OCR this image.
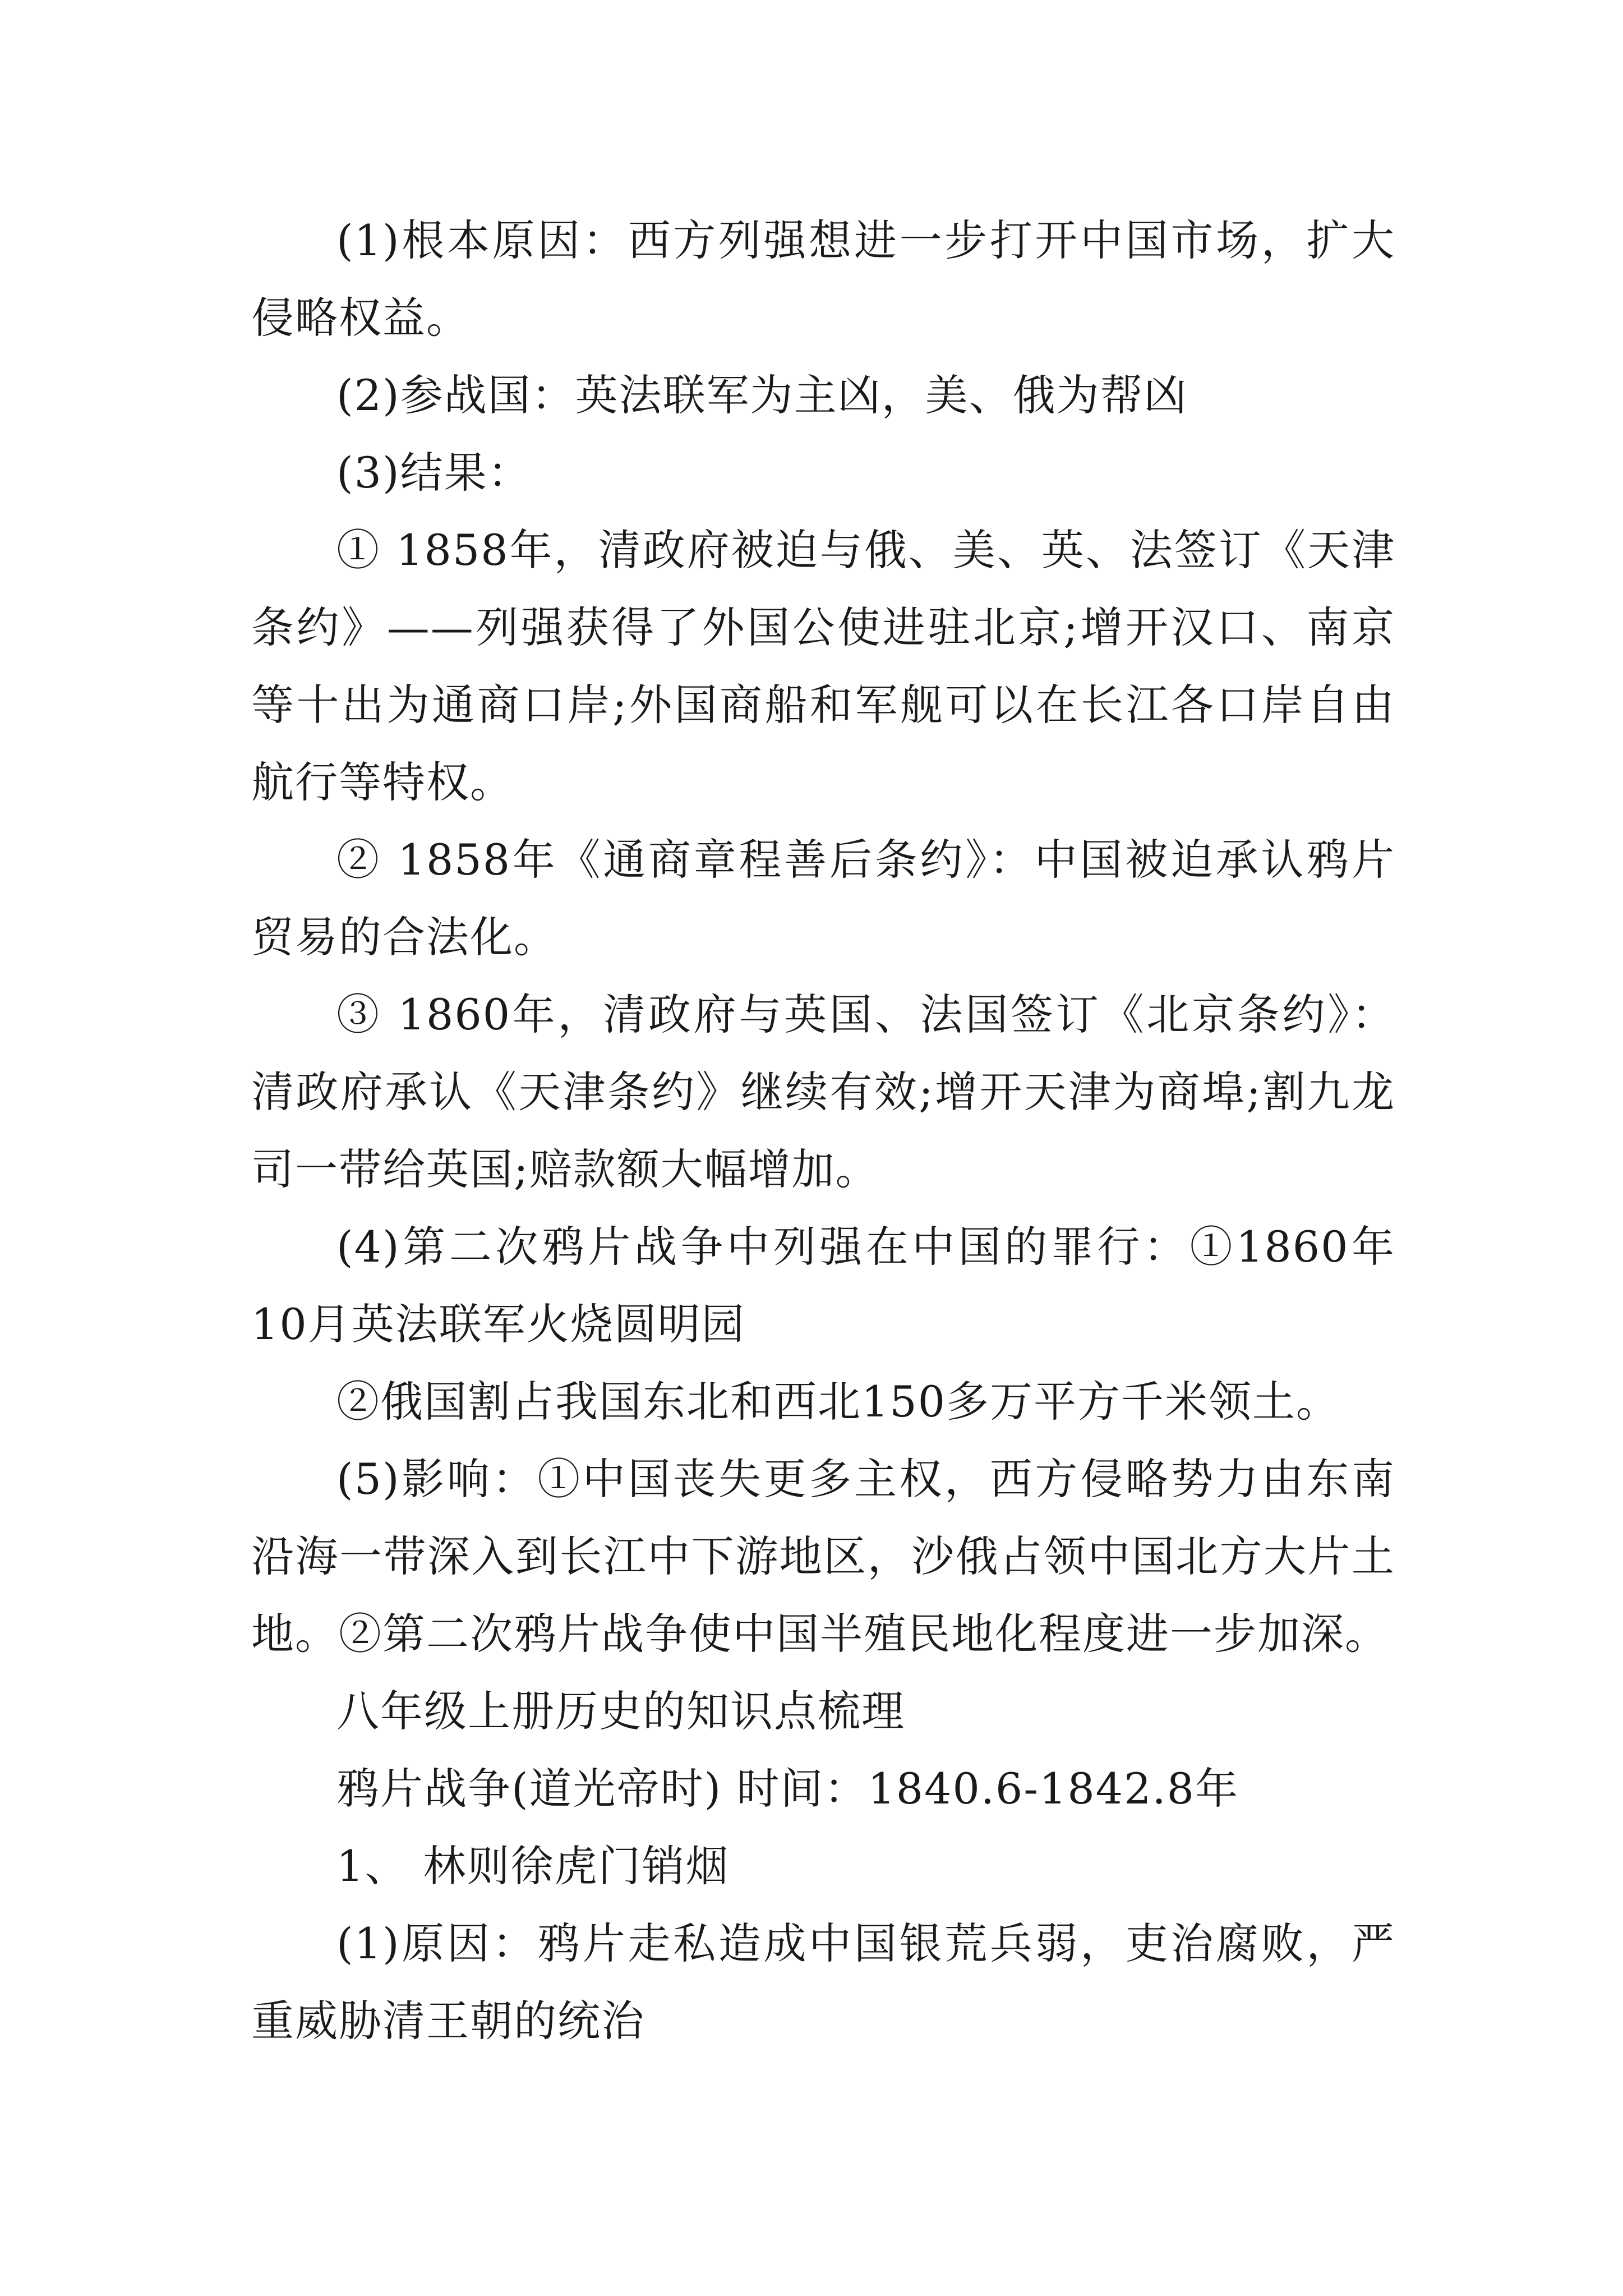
(1)根本原因：西方列强想进一步打开中国市场，扩大侵略权益。

(2)参战国：英法联军为主凶，美、俄为帮凶

(3)结果：

① 1858年，清政府被迫与俄、美、英、法签订《天津条约》——列强获得了外国公使进驻北京;增开汉口、南京等十出为通商口岸;外国商船和军舰可以在长江各口岸自由航行等特权。

② 1858年《通商章程善后条约》：中国被迫承认鸦片贸易的合法化。

③ 1860年，清政府与英国、法国签订《北京条约》：清政府承认《天津条约》继续有效;增开天津为商埠;割九龙司一带给英国;赔款额大幅增加。

(4)第二次鸦片战争中列强在中国的罪行：①1860年10月英法联军火烧圆明园

②俄国割占我国东北和西北150多万平方千米领土。

(5)影响：①中国丧失更多主权，西方侵略势力由东南沿海一带深入到长江中下游地区，沙俄占领中国北方大片土地。②第二次鸦片战争使中国半殖民地化程度进一步加深。

八年级上册历史的知识点梳理

鸦片战争(道光帝时) 时间：1840.6-1842.8年

1、 林则徐虎门销烟

(1)原因：鸦片走私造成中国银荒兵弱，吏治腐败，严重威胁清王朝的统治
